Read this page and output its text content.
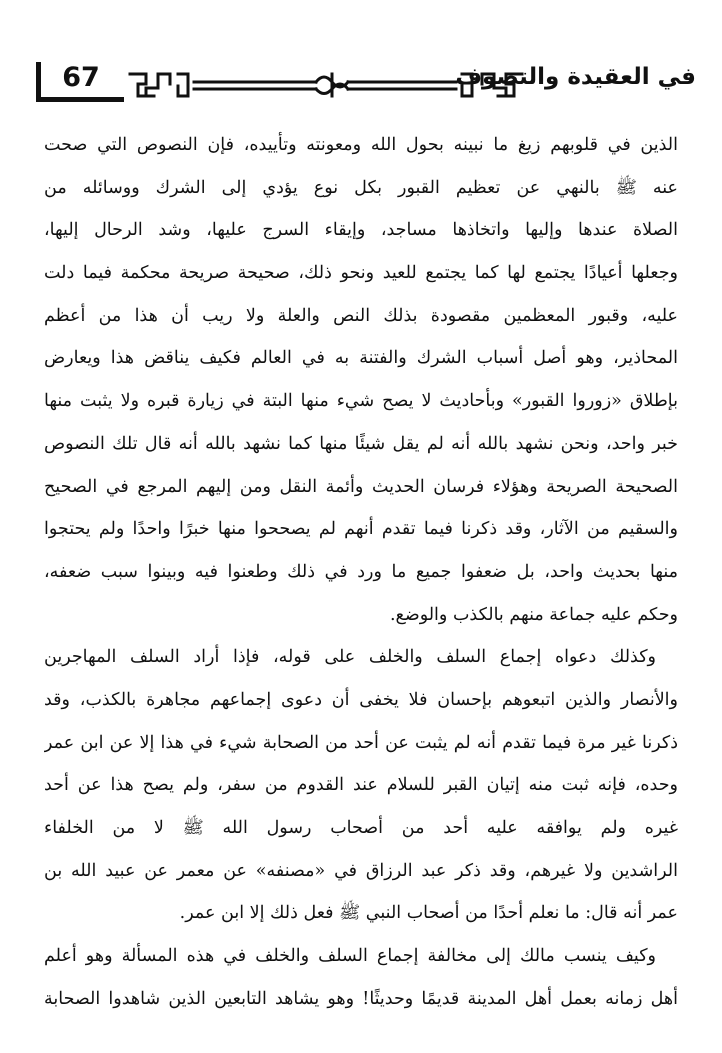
67	في العقيدة والتصوف
الذين في قلوبهم زيغ ما نبينه بحول الله ومعونته وتأييده، فإن النصوص التي صحت
عنه ﷺ بالنهي عن تعظيم القبور بكل نوع يؤدي إلى الشرك ووسائله من
الصلاة عندها وإليها واتخاذها مساجد، وإيقاء السرج عليها، وشد الرحال إليها،
وجعلها أعيادًا يجتمع لها كما يجتمع للعيد ونحو ذلك، صحيحة صريحة محكمة فيما دلت
عليه، وقبور المعظمين مقصودة بذلك النص والعلة ولا ريب أن هذا من أعظم
المحاذير، وهو أصل أسباب الشرك والفتنة به في العالم فكيف يناقض هذا ويعارض
بإطلاق «زوروا القبور» وبأحاديث لا يصح شيء منها البتة في زيارة قبره ولا يثبت منها
خبر واحد، ونحن نشهد بالله أنه لم يقل شيئًا منها كما نشهد بالله أنه قال تلك النصوص
الصحيحة الصريحة وهؤلاء فرسان الحديث وأئمة النقل ومن إليهم المرجع في الصحيح
والسقيم من الآثار، وقد ذكرنا فيما تقدم أنهم لم يصححوا منها خبرًا واحدًا ولم يحتجوا
منها بحديث واحد، بل ضعفوا جميع ما ورد في ذلك وطعنوا فيه وبينوا سبب ضعفه،
وحكم عليه جماعة منهم بالكذب والوضع.
وكذلك دعواه إجماع السلف والخلف على قوله، فإذا أراد السلف المهاجرين
والأنصار والذين اتبعوهم بإحسان فلا يخفى أن دعوى إجماعهم مجاهرة بالكذب، وقد
ذكرنا غير مرة فيما تقدم أنه لم يثبت عن أحد من الصحابة شيء في هذا إلا عن ابن عمر
وحده، فإنه ثبت منه إتيان القبر للسلام عند القدوم من سفر، ولم يصح هذا عن أحد
غيره ولم يوافقه عليه أحد من أصحاب رسول الله ﷺ لا من الخلفاء
الراشدين ولا غيرهم، وقد ذكر عبد الرزاق في «مصنفه» عن معمر عن عبيد الله بن
عمر أنه قال: ما نعلم أحدًا من أصحاب النبي ﷺ فعل ذلك إلا ابن عمر.
وكيف ينسب مالك إلى مخالفة إجماع السلف والخلف في هذه المسألة وهو أعلم
أهل زمانه بعمل أهل المدينة قديمًا وحديثًا! وهو يشاهد التابعين الذين شاهدوا الصحابة
